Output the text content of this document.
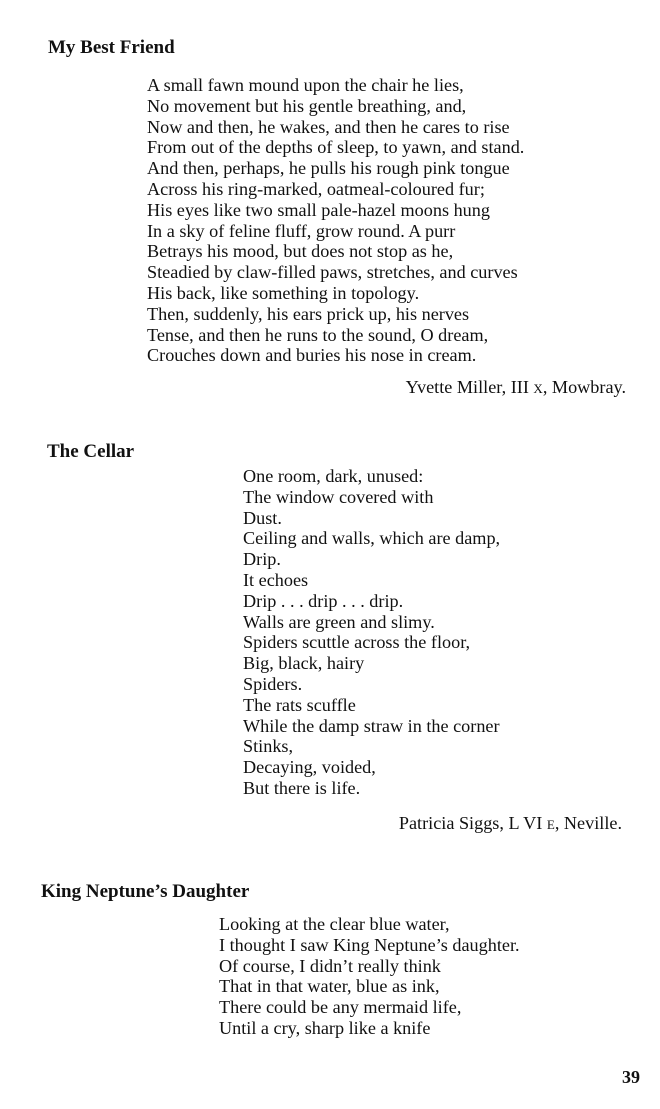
My Best Friend
A small fawn mound upon the chair he lies,
No movement but his gentle breathing, and,
Now and then, he wakes, and then he cares to rise
From out of the depths of sleep, to yawn, and stand.
And then, perhaps, he pulls his rough pink tongue
Across his ring-marked, oatmeal-coloured fur;
His eyes like two small pale-hazel moons hung
In a sky of feline fluff, grow round. A purr
Betrays his mood, but does not stop as he,
Steadied by claw-filled paws, stretches, and curves
His back, like something in topology.
Then, suddenly, his ears prick up, his nerves
Tense, and then he runs to the sound, O dream,
Crouches down and buries his nose in cream.
Yvette Miller, III x, Mowbray.
The Cellar
One room, dark, unused:
The window covered with
Dust.
Ceiling and walls, which are damp,
Drip.
It echoes
Drip . . . drip . . . drip.
Walls are green and slimy.
Spiders scuttle across the floor,
Big, black, hairy
Spiders.
The rats scuffle
While the damp straw in the corner
Stinks,
Decaying, voided,
But there is life.
Patricia Siggs, L VI e, Neville.
King Neptune’s Daughter
Looking at the clear blue water,
I thought I saw King Neptune’s daughter.
Of course, I didn’t really think
That in that water, blue as ink,
There could be any mermaid life,
Until a cry, sharp like a knife
39
